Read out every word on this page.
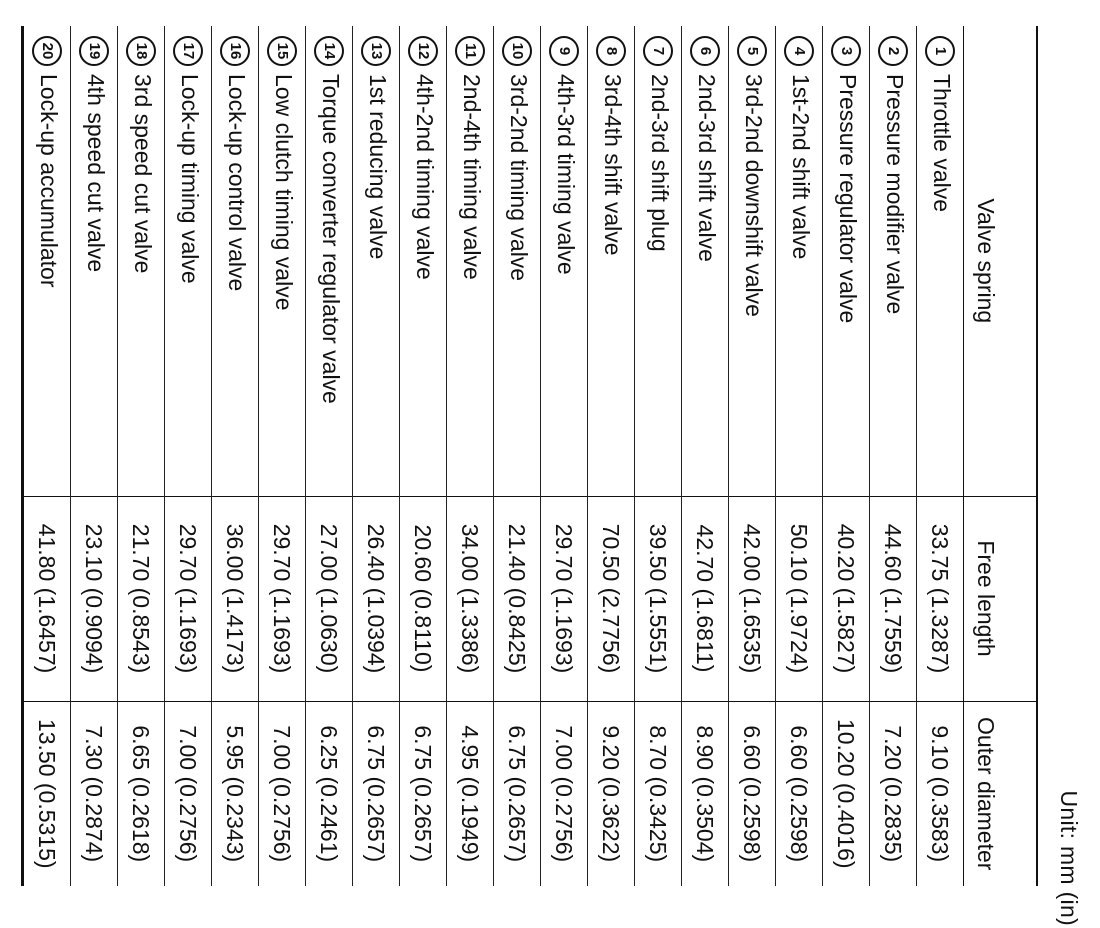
Unit: mm (in)
Valve spring	Free length	Outer diameter
1Throttle valve	33.75 (1.3287)	9.10 (0.3583)
2Pressure modifier valve	44.60 (1.7559)	7.20 (0.2835)
3Pressure regulator valve	40.20 (1.5827)	10.20 (0.4016)
41st-2nd shift valve	50.10 (1.9724)	6.60 (0.2598)
53rd-2nd downshift valve	42.00 (1.6535)	6.60 (0.2598)
62nd-3rd shift valve	42.70 (1.6811)	8.90 (0.3504)
72nd-3rd shift plug	39.50 (1.5551)	8.70 (0.3425)
83rd-4th shift valve	70.50 (2.7756)	9.20 (0.3622)
94th-3rd timing valve	29.70 (1.1693)	7.00 (0.2756)
103rd-2nd timing valve	21.40 (0.8425)	6.75 (0.2657)
112nd-4th timing valve	34.00 (1.3386)	4.95 (0.1949)
124th-2nd timing valve	20.60 (0.8110)	6.75 (0.2657)
131st reducing valve	26.40 (1.0394)	6.75 (0.2657)
14Torque converter regulator valve	27.00 (1.0630)	6.25 (0.2461)
15Low clutch timing valve	29.70 (1.1693)	7.00 (0.2756)
16Lock-up control valve	36.00 (1.4173)	5.95 (0.2343)
17Lock-up timing valve	29.70 (1.1693)	7.00 (0.2756)
183rd speed cut valve	21.70 (0.8543)	6.65 (0.2618)
194th speed cut valve	23.10 (0.9094)	7.30 (0.2874)
20Lock-up accumulator	41.80 (1.6457)	13.50 (0.5315)
